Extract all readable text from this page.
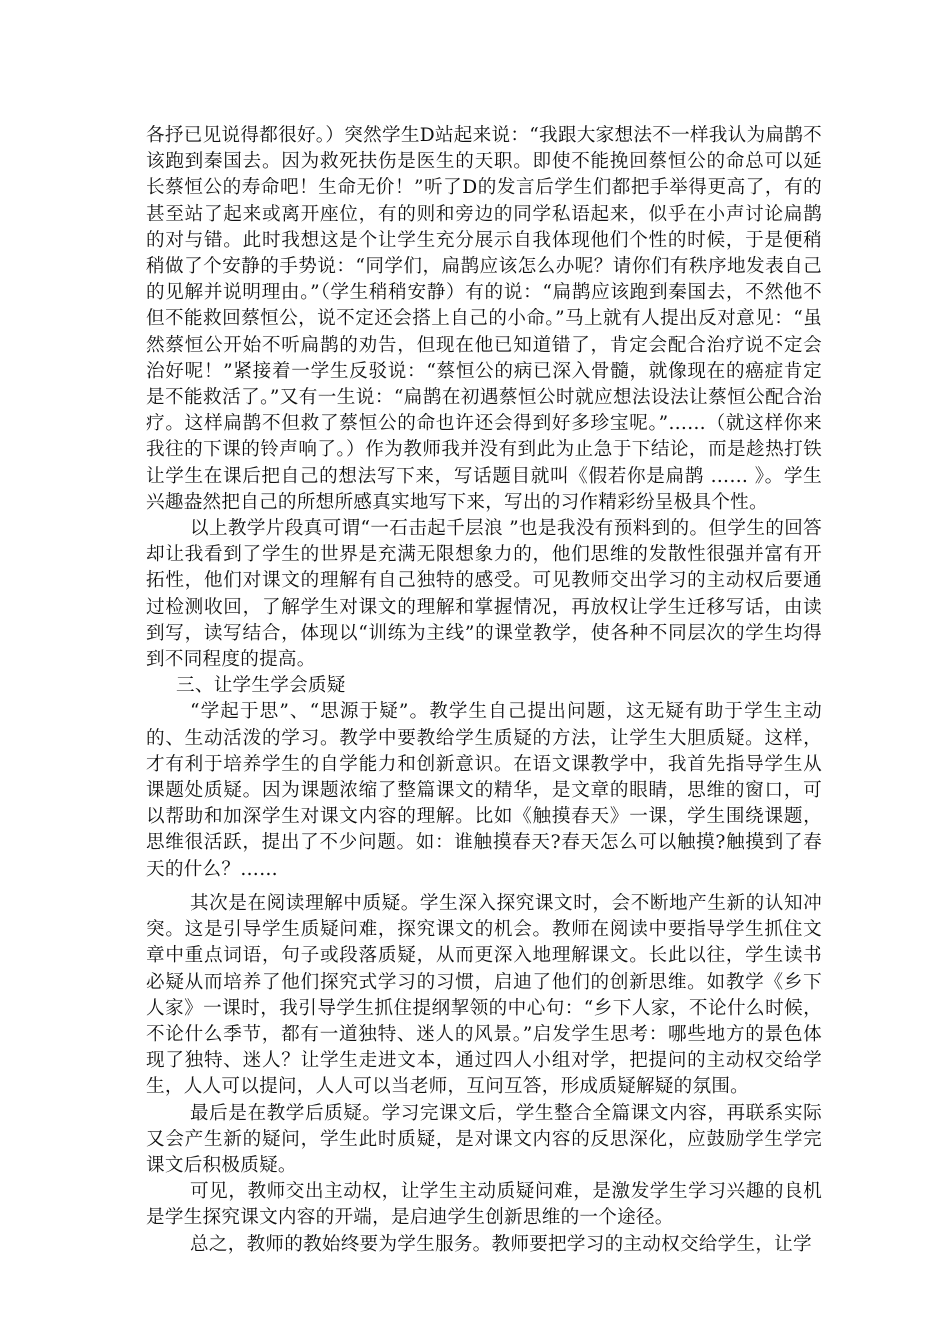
各抒已见说得都很好。）突然学生D站起来说：“我跟大家想法不一样我认为扁鹊不该跑到秦国去。因为救死扶伤是医生的天职。即使不能挽回蔡恒公的命总可以延长蔡恒公的寿命吧！生命无价！”听了D的发言后学生们都把手举得更高了，有的甚至站了起来或离开座位，有的则和旁边的同学私语起来，似乎在小声讨论扁鹊的对与错。此时我想这是个让学生充分展示自我体现他们个性的时候，于是便稍稍做了个安静的手势说：“同学们，扁鹊应该怎么办呢？请你们有秩序地发表自己的见解并说明理由。”（学生稍稍安静）有的说：“扁鹊应该跑到秦国去，不然他不但不能救回蔡恒公，说不定还会搭上自己的小命。”马上就有人提出反对意见：“虽然蔡恒公开始不听扁鹊的劝告，但现在他已知道错了，肯定会配合治疗说不定会治好呢！”紧接着一学生反驳说：“蔡恒公的病已深入骨髓，就像现在的癌症肯定是不能救活了。”又有一生说：“扁鹊在初遇蔡恒公时就应想法设法让蔡恒公配合治疗。这样扁鹊不但救了蔡恒公的命也许还会得到好多珍宝呢。”……（就这样你来我往的下课的铃声响了。）作为教师我并没有到此为止急于下结论，而是趁热打铁让学生在课后把自己的想法写下来，写话题目就叫《假若你是扁鹊 …… 》。学生兴趣盎然把自己的所想所感真实地写下来，写出的习作精彩纷呈极具个性。

以上教学片段真可谓“一石击起千层浪 ”也是我没有预料到的。但学生的回答却让我看到了学生的世界是充满无限想象力的，他们思维的发散性很强并富有开拓性，他们对课文的理解有自己独特的感受。可见教师交出学习的主动权后要通过检测收回，了解学生对课文的理解和掌握情况，再放权让学生迁移写话，由读到写，读写结合，体现以“训练为主线”的课堂教学，使各种不同层次的学生均得到不同程度的提高。

三、让学生学会质疑

“学起于思”、“思源于疑”。教学生自己提出问题，这无疑有助于学生主动的、生动活泼的学习。教学中要教给学生质疑的方法，让学生大胆质疑。这样，才有利于培养学生的自学能力和创新意识。在语文课教学中，我首先指导学生从课题处质疑。因为课题浓缩了整篇课文的精华，是文章的眼睛，思维的窗口，可以帮助和加深学生对课文内容的理解。比如《触摸春天》一课，学生围绕课题，思维很活跃，提出了不少问题。如：谁触摸春天?春天怎么可以触摸?触摸到了春天的什么？……

其次是在阅读理解中质疑。学生深入探究课文时，会不断地产生新的认知冲突。这是引导学生质疑问难，探究课文的机会。教师在阅读中要指导学生抓住文章中重点词语，句子或段落质疑，从而更深入地理解课文。长此以往，学生读书必疑从而培养了他们探究式学习的习惯，启迪了他们的创新思维。如教学《乡下人家》一课时，我引导学生抓住提纲挈领的中心句：“乡下人家，不论什么时候，不论什么季节，都有一道独特、迷人的风景。”启发学生思考：哪些地方的景色体现了独特、迷人？让学生走进文本，通过四人小组对学，把提问的主动权交给学生，人人可以提问，人人可以当老师，互问互答，形成质疑解疑的氛围。

最后是在教学后质疑。学习完课文后，学生整合全篇课文内容，再联系实际又会产生新的疑问，学生此时质疑，是对课文内容的反思深化，应鼓励学生学完课文后积极质疑。

可见，教师交出主动权，让学生主动质疑问难，是激发学生学习兴趣的良机是学生探究课文内容的开端，是启迪学生创新思维的一个途径。

总之，教师的教始终要为学生服务。教师要把学习的主动权交给学生，让学
